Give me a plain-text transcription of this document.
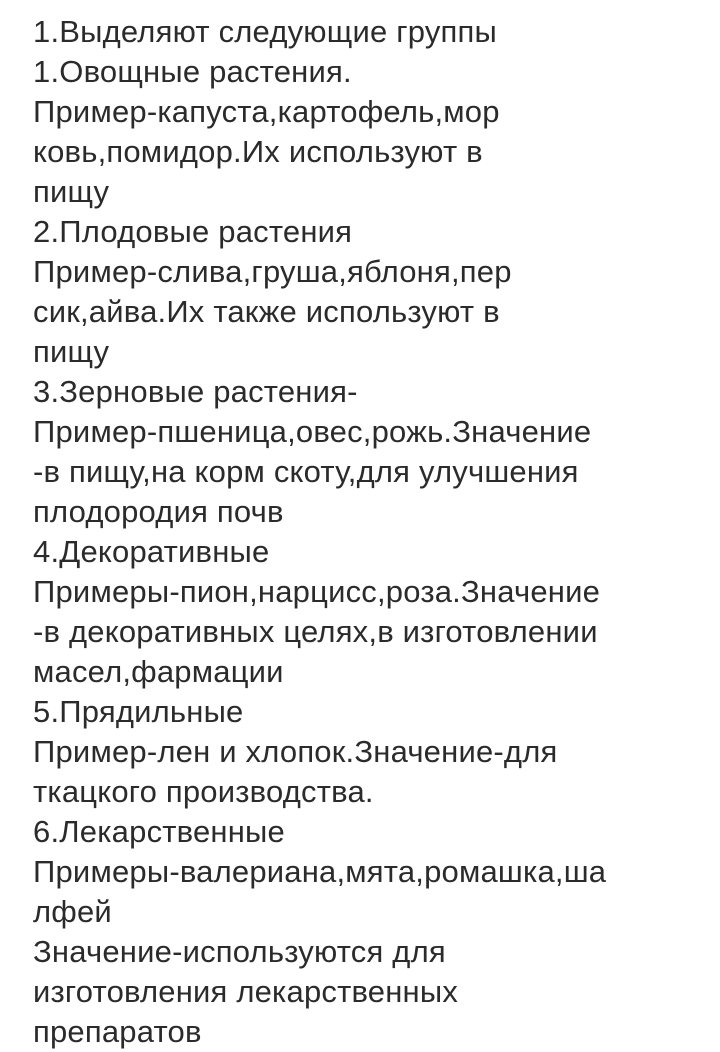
1.Выделяют следующие группы
1.Овощные растения.
Пример-капуста,картофель,мор
ковь,помидор.Их используют в
пищу
2.Плодовые растения
Пример-слива,груша,яблоня,пер
сик,айва.Их также используют в
пищу
3.Зерновые растения-
Пример-пшеница,овес,рожь.Значение
-в пищу,на корм скоту,для улучшения
плодородия почв
4.Декоративные
Примеры-пион,нарцисс,роза.Значение
-в декоративных целях,в изготовлении
масел,фармации
5.Прядильные
Пример-лен и хлопок.Значение-для
ткацкого производства.
6.Лекарственные
Примеры-валериана,мята,ромашка,ша
лфей
Значение-используются для
изготовления лекарственных
препаратов
